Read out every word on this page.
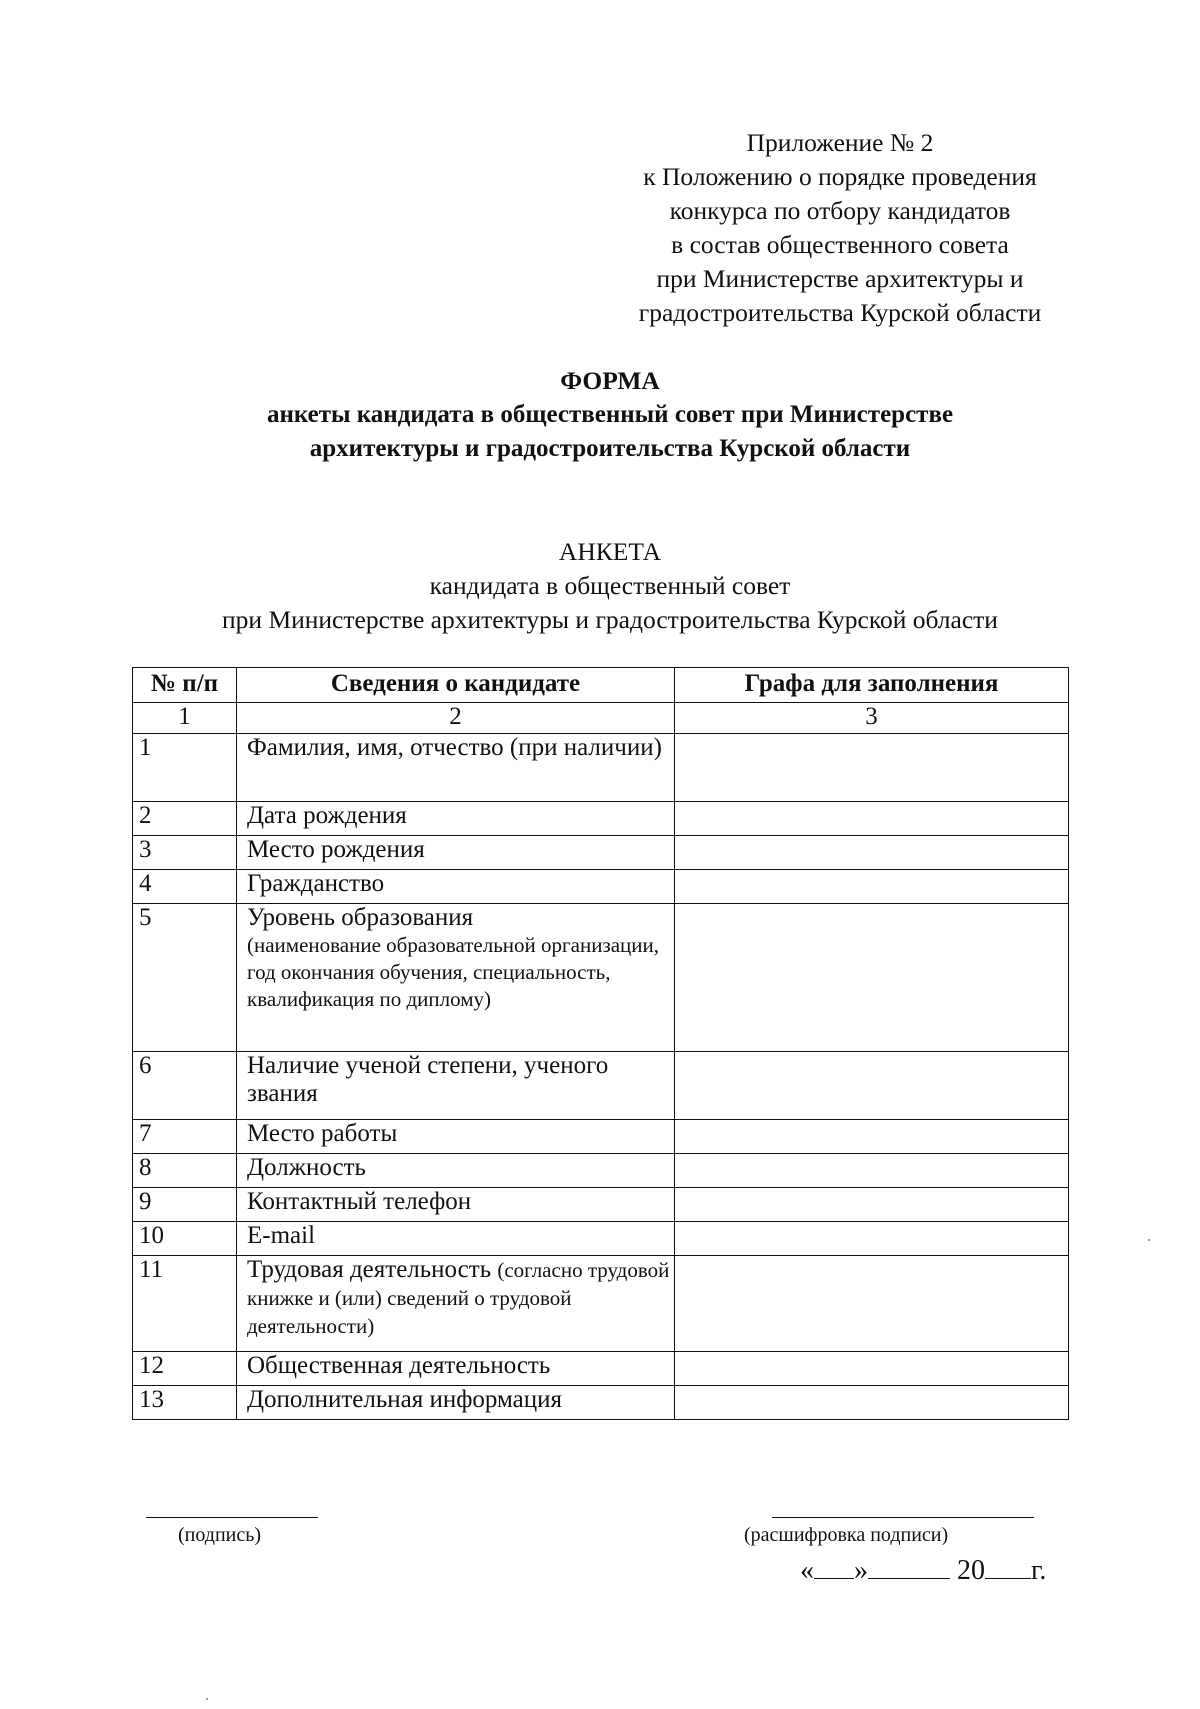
Приложение № 2
к Положению о порядке проведения
конкурса по отбору кандидатов
в состав общественного совета
при Министерстве архитектуры и
градостроительства Курской области
ФОРМА
анкеты кандидата в общественный совет при Министерстве
архитектуры и градостроительства Курской области
АНКЕТА
кандидата в общественный совет
при Министерстве архитектуры и градостроительства Курской области
№ п/п	Сведения о кандидате	Графа для заполнения
1	2	3
1	Фамилия, имя, отчество (при наличии)	
2	Дата рождения	
3	Место рождения	
4	Гражданство	
5	Уровень образования
(наименование образовательной организации, год окончания обучения, специальность, квалификация по диплому)	

6	Наличие ученой степени, ученого звания	
7	Место работы	
8	Должность	
9	Контактный телефон	
10	E-mail	
11	Трудовая деятельность (согласно трудовой книжке и (или) сведений о трудовой деятельности)	
12	Общественная деятельность	
13	Дополнительная информация	
(подпись)	(расшифровка подписи)
« »	20 г.
